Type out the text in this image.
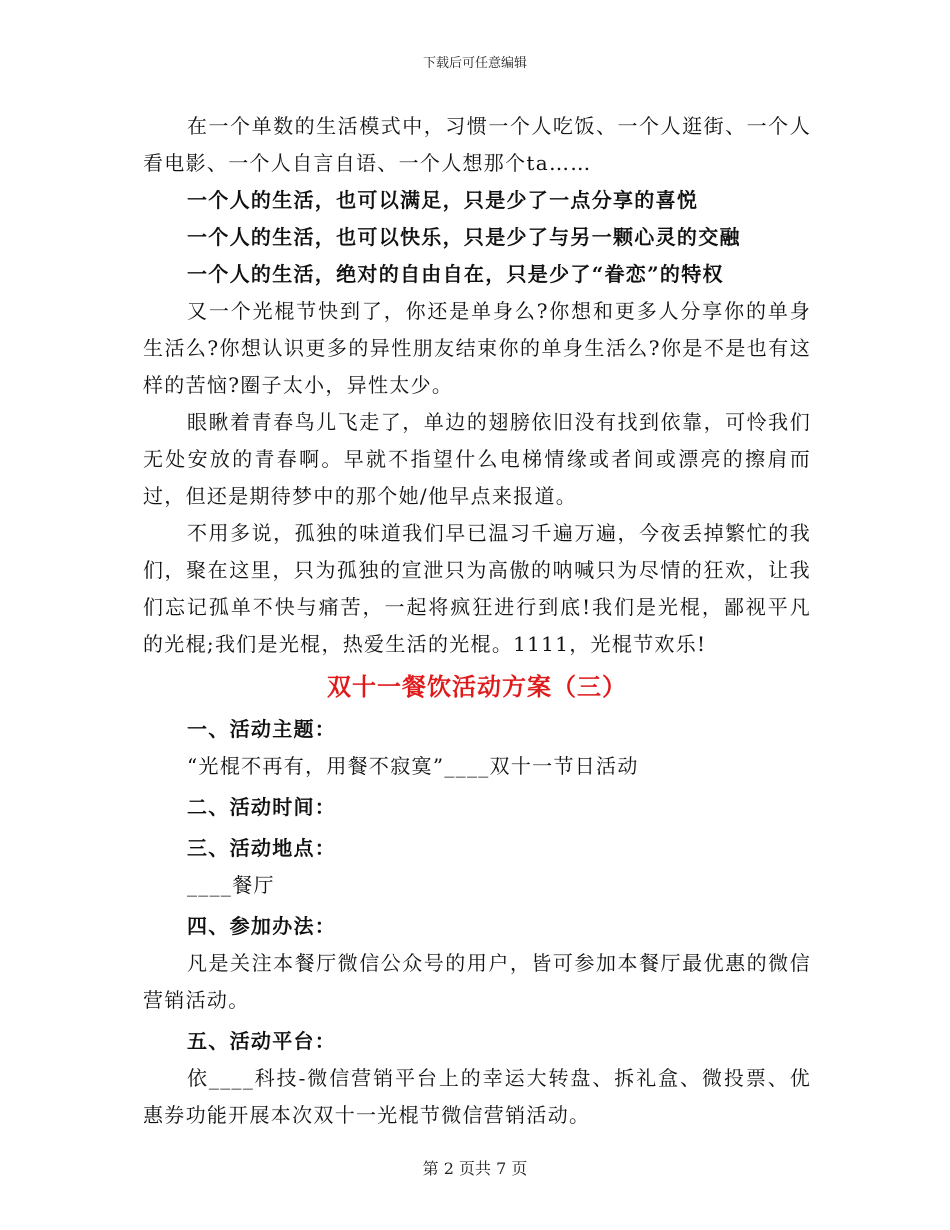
下载后可任意编辑

在一个单数的生活模式中，习惯一个人吃饭、一个人逛街、一个人看电影、一个人自言自语、一个人想那个ta……

一个人的生活，也可以满足，只是少了一点分享的喜悦

一个人的生活，也可以快乐，只是少了与另一颗心灵的交融

一个人的生活，绝对的自由自在，只是少了“眷恋”的特权

又一个光棍节快到了，你还是单身么?你想和更多人分享你的单身生活么?你想认识更多的异性朋友结束你的单身生活么?你是不是也有这样的苦恼?圈子太小，异性太少。

眼瞅着青春鸟儿飞走了，单边的翅膀依旧没有找到依靠，可怜我们无处安放的青春啊。早就不指望什么电梯情缘或者间或漂亮的擦肩而过，但还是期待梦中的那个她/他早点来报道。

不用多说，孤独的味道我们早已温习千遍万遍，今夜丢掉繁忙的我们，聚在这里，只为孤独的宣泄只为高傲的呐喊只为尽情的狂欢，让我们忘记孤单不快与痛苦，一起将疯狂进行到底!我们是光棍，鄙视平凡的光棍;我们是光棍，热爱生活的光棍。1111，光棍节欢乐!

双十一餐饮活动方案（三）

一、活动主题：

“光棍不再有，用餐不寂寞”____双十一节日活动

二、活动时间：

三、活动地点：

____餐厅

四、参加办法：

凡是关注本餐厅微信公众号的用户，皆可参加本餐厅最优惠的微信营销活动。

五、活动平台：

依____科技-微信营销平台上的幸运大转盘、拆礼盒、微投票、优惠券功能开展本次双十一光棍节微信营销活动。

第 2 页共 7 页
